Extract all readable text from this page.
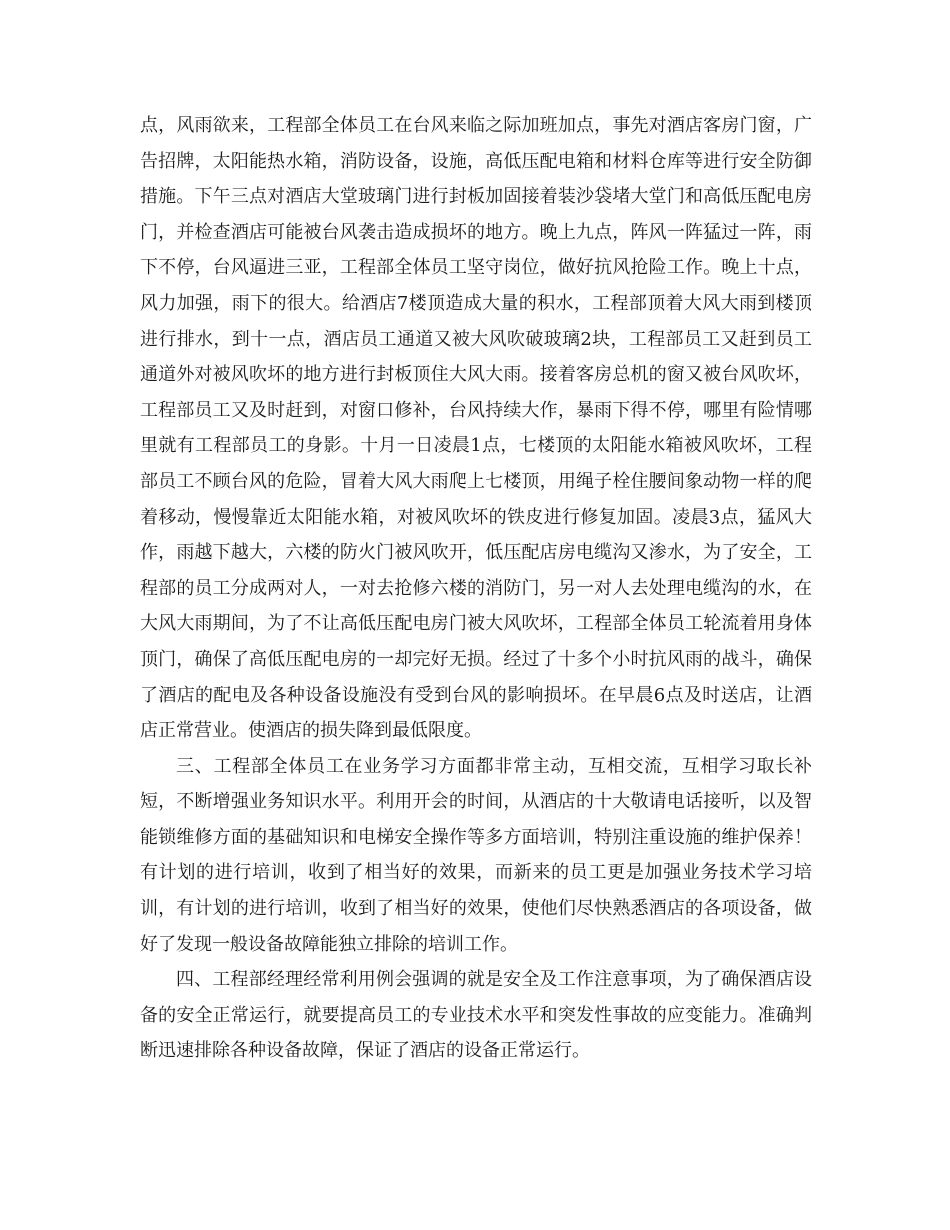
点，风雨欲来，工程部全体员工在台风来临之际加班加点，事先对酒店客房门窗，广告招牌，太阳能热水箱，消防设备，设施，高低压配电箱和材料仓库等进行安全防御措施。下午三点对酒店大堂玻璃门进行封板加固接着装沙袋堵大堂门和高低压配电房门，并检查酒店可能被台风袭击造成损坏的地方。晚上九点，阵风一阵猛过一阵，雨下不停，台风逼进三亚，工程部全体员工坚守岗位，做好抗风抢险工作。晚上十点，风力加强，雨下的很大。给酒店7楼顶造成大量的积水，工程部顶着大风大雨到楼顶进行排水，到十一点，酒店员工通道又被大风吹破玻璃2块，工程部员工又赶到员工通道外对被风吹坏的地方进行封板顶住大风大雨。接着客房总机的窗又被台风吹坏，工程部员工又及时赶到，对窗口修补，台风持续大作，暴雨下得不停，哪里有险情哪里就有工程部员工的身影。十月一日凌晨1点，七楼顶的太阳能水箱被风吹坏，工程部员工不顾台风的危险，冒着大风大雨爬上七楼顶，用绳子栓住腰间象动物一样的爬着移动，慢慢靠近太阳能水箱，对被风吹坏的铁皮进行修复加固。凌晨3点，猛风大作，雨越下越大，六楼的防火门被风吹开，低压配店房电缆沟又渗水，为了安全，工程部的员工分成两对人，一对去抢修六楼的消防门，另一对人去处理电缆沟的水，在大风大雨期间，为了不让高低压配电房门被大风吹坏，工程部全体员工轮流着用身体顶门，确保了高低压配电房的一却完好无损。经过了十多个小时抗风雨的战斗，确保了酒店的配电及各种设备设施没有受到台风的影响损坏。在早晨6点及时送店，让酒店正常营业。使酒店的损失降到最低限度。

三、工程部全体员工在业务学习方面都非常主动，互相交流，互相学习取长补短，不断增强业务知识水平。利用开会的时间，从酒店的十大敬请电话接听，以及智能锁维修方面的基础知识和电梯安全操作等多方面培训，特别注重设施的维护保养！有计划的进行培训，收到了相当好的效果，而新来的员工更是加强业务技术学习培训，有计划的进行培训，收到了相当好的效果，使他们尽快熟悉酒店的各项设备，做好了发现一般设备故障能独立排除的培训工作。

四、工程部经理经常利用例会强调的就是安全及工作注意事项，为了确保酒店设备的安全正常运行，就要提高员工的专业技术水平和突发性事故的应变能力。准确判断迅速排除各种设备故障，保证了酒店的设备正常运行。
